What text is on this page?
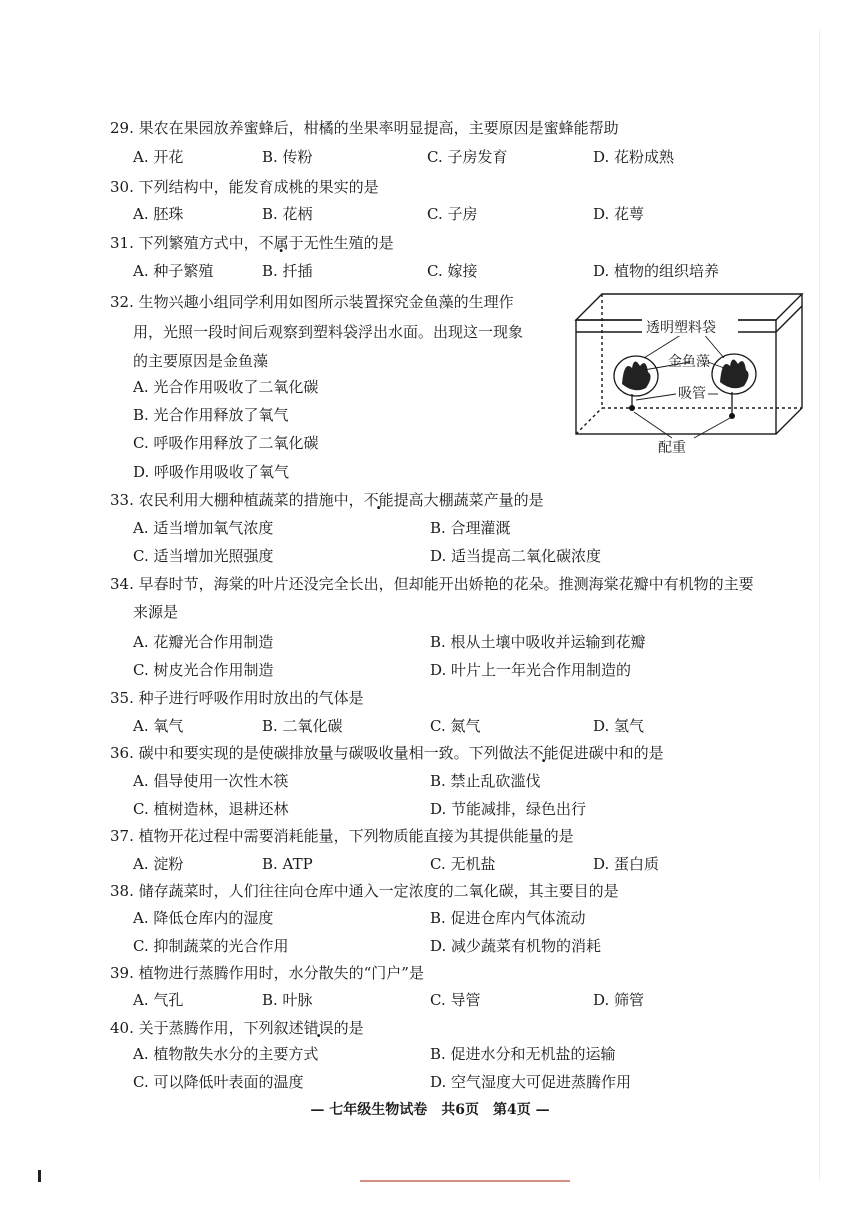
29. 果农在果园放养蜜蜂后，柑橘的坐果率明显提高，主要原因是蜜蜂能帮助
A. 开花	B. 传粉	C. 子房发育	D. 花粉成熟
30. 下列结构中，能发育成桃的果实的是
A. 胚珠	B. 花柄	C. 子房	D. 花萼
31. 下列繁殖方式中，不属于无性生殖的是
A. 种子繁殖	B. 扦插	C. 嫁接	D. 植物的组织培养
32. 生物兴趣小组同学利用如图所示装置探究金鱼藻的生理作
用，光照一段时间后观察到塑料袋浮出水面。出现这一现象
的主要原因是金鱼藻
A. 光合作用吸收了二氧化碳
B. 光合作用释放了氧气
C. 呼吸作用释放了二氧化碳
D. 呼吸作用吸收了氧气
透明塑料袋
金鱼藻
吸管
配重
33. 农民利用大棚种植蔬菜的措施中，不能提高大棚蔬菜产量的是
A. 适当增加氧气浓度	B. 合理灌溉
C. 适当增加光照强度	D. 适当提高二氧化碳浓度
34. 早春时节，海棠的叶片还没完全长出，但却能开出娇艳的花朵。推测海棠花瓣中有机物的主要
来源是
A. 花瓣光合作用制造	B. 根从土壤中吸收并运输到花瓣
C. 树皮光合作用制造	D. 叶片上一年光合作用制造的
35. 种子进行呼吸作用时放出的气体是
A. 氧气	B. 二氧化碳	C. 氮气	D. 氢气
36. 碳中和要实现的是使碳排放量与碳吸收量相一致。下列做法不能促进碳中和的是
A. 倡导使用一次性木筷	B. 禁止乱砍滥伐
C. 植树造林，退耕还林	D. 节能减排，绿色出行
37. 植物开花过程中需要消耗能量，下列物质能直接为其提供能量的是
A. 淀粉	B. ATP	C. 无机盐	D. 蛋白质
38. 储存蔬菜时，人们往往向仓库中通入一定浓度的二氧化碳，其主要目的是
A. 降低仓库内的湿度	B. 促进仓库内气体流动
C. 抑制蔬菜的光合作用	D. 减少蔬菜有机物的消耗
39. 植物进行蒸腾作用时，水分散失的“门户”是
A. 气孔	B. 叶脉	C. 导管	D. 筛管
40. 关于蒸腾作用，下列叙述错误的是
A. 植物散失水分的主要方式	B. 促进水分和无机盐的运输
C. 可以降低叶表面的温度	D. 空气湿度大可促进蒸腾作用
— 七年级生物试卷　共6页　第4页 —
